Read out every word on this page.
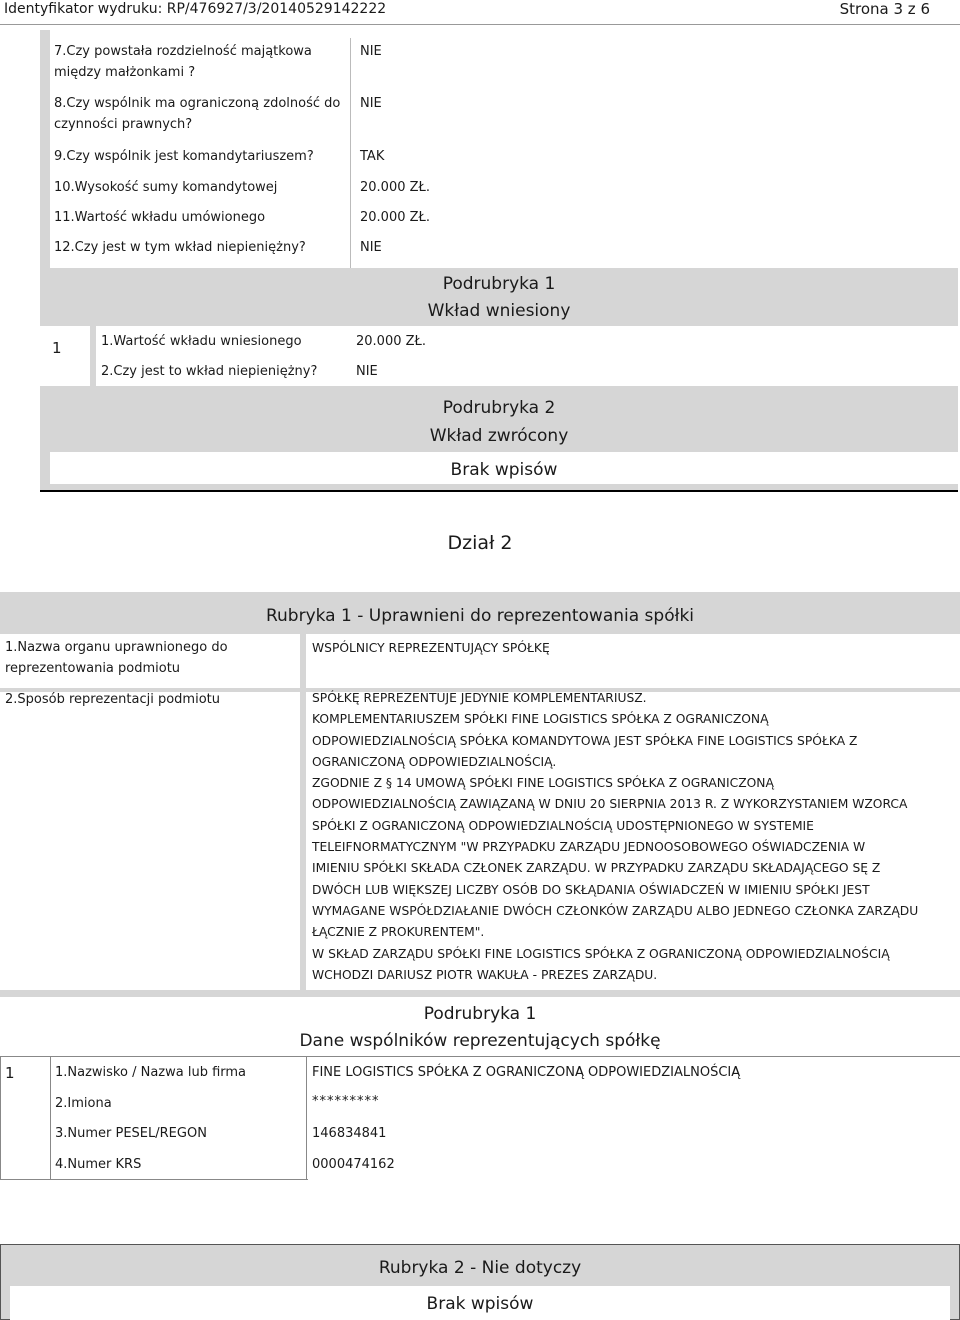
Identyfikator wydruku: RP/476927/3/20140529142222	Strona 3 z 6
7.Czy powstała rozdzielność majątkowa
między małżonkami ?
NIE
8.Czy wspólnik ma ograniczoną zdolność do
czynności prawnych?
NIE
9.Czy wspólnik jest komandytariuszem?	TAK
10.Wysokość sumy komandytowej	20.000 ZŁ.
11.Wartość wkładu umówionego	20.000 ZŁ.
12.Czy jest w tym wkład niepieniężny?	NIE
Podrubryka 1
Wkład wniesiony
1	1.Wartość wkładu wniesionego	20.000 ZŁ.
2.Czy jest to wkład niepieniężny?	NIE
Podrubryka 2
Wkład zwrócony
Brak wpisów
Dział 2
Rubryka 1 - Uprawnieni do reprezentowania spółki
1.Nazwa organu uprawnionego do
reprezentowania podmiotu
WSPÓLNICY REPREZENTUJĄCY SPÓŁKĘ
2.Sposób reprezentacji podmiotu	SPÓŁKĘ REPREZENTUJE JEDYNIE KOMPLEMENTARIUSZ.
KOMPLEMENTARIUSZEM SPÓŁKI FINE LOGISTICS SPÓŁKA Z OGRANICZONĄ
ODPOWIEDZIALNOŚCIĄ SPÓŁKA KOMANDYTOWA JEST SPÓŁKA FINE LOGISTICS SPÓŁKA Z
OGRANICZONĄ ODPOWIEDZIALNOŚCIĄ.
ZGODNIE Z § 14 UMOWĄ SPÓŁKI FINE LOGISTICS SPÓŁKA Z OGRANICZONĄ
ODPOWIEDZIALNOŚCIĄ ZAWIĄZANĄ W DNIU 20 SIERPNIA 2013 R. Z WYKORZYSTANIEM WZORCA
SPÓŁKI Z OGRANICZONĄ ODPOWIEDZIALNOŚCIĄ UDOSTĘPNIONEGO W SYSTEMIE
TELEIFNORMATYCZNYM "W PRZYPADKU ZARZĄDU JEDNOOSOBOWEGO OŚWIADCZENIA W
IMIENIU SPÓŁKI SKŁADA CZŁONEK ZARZĄDU. W PRZYPADKU ZARZĄDU SKŁADAJĄCEGO SĘ Z
DWÓCH LUB WIĘKSZEJ LICZBY OSÓB DO SKŁĄDANIA OŚWIADCZEŃ W IMIENIU SPÓŁKI JEST
WYMAGANE WSPÓŁDZIAŁANIE DWÓCH CZŁONKÓW ZARZĄDU ALBO JEDNEGO CZŁONKA ZARZĄDU
ŁĄCZNIE Z PROKURENTEM".
W SKŁAD ZARZĄDU SPÓŁKI FINE LOGISTICS SPÓŁKA Z OGRANICZONĄ ODPOWIEDZIALNOŚCIĄ
WCHODZI DARIUSZ PIOTR WAKUŁA - PREZES ZARZĄDU.
Podrubryka 1
Dane wspólników reprezentujących spółkę
1	1.Nazwisko / Nazwa lub firma	FINE LOGISTICS SPÓŁKA Z OGRANICZONĄ ODPOWIEDZIALNOŚCIĄ
2.Imiona	*********
3.Numer PESEL/REGON	146834841
4.Numer KRS	0000474162
Rubryka 2 - Nie dotyczy
Brak wpisów
